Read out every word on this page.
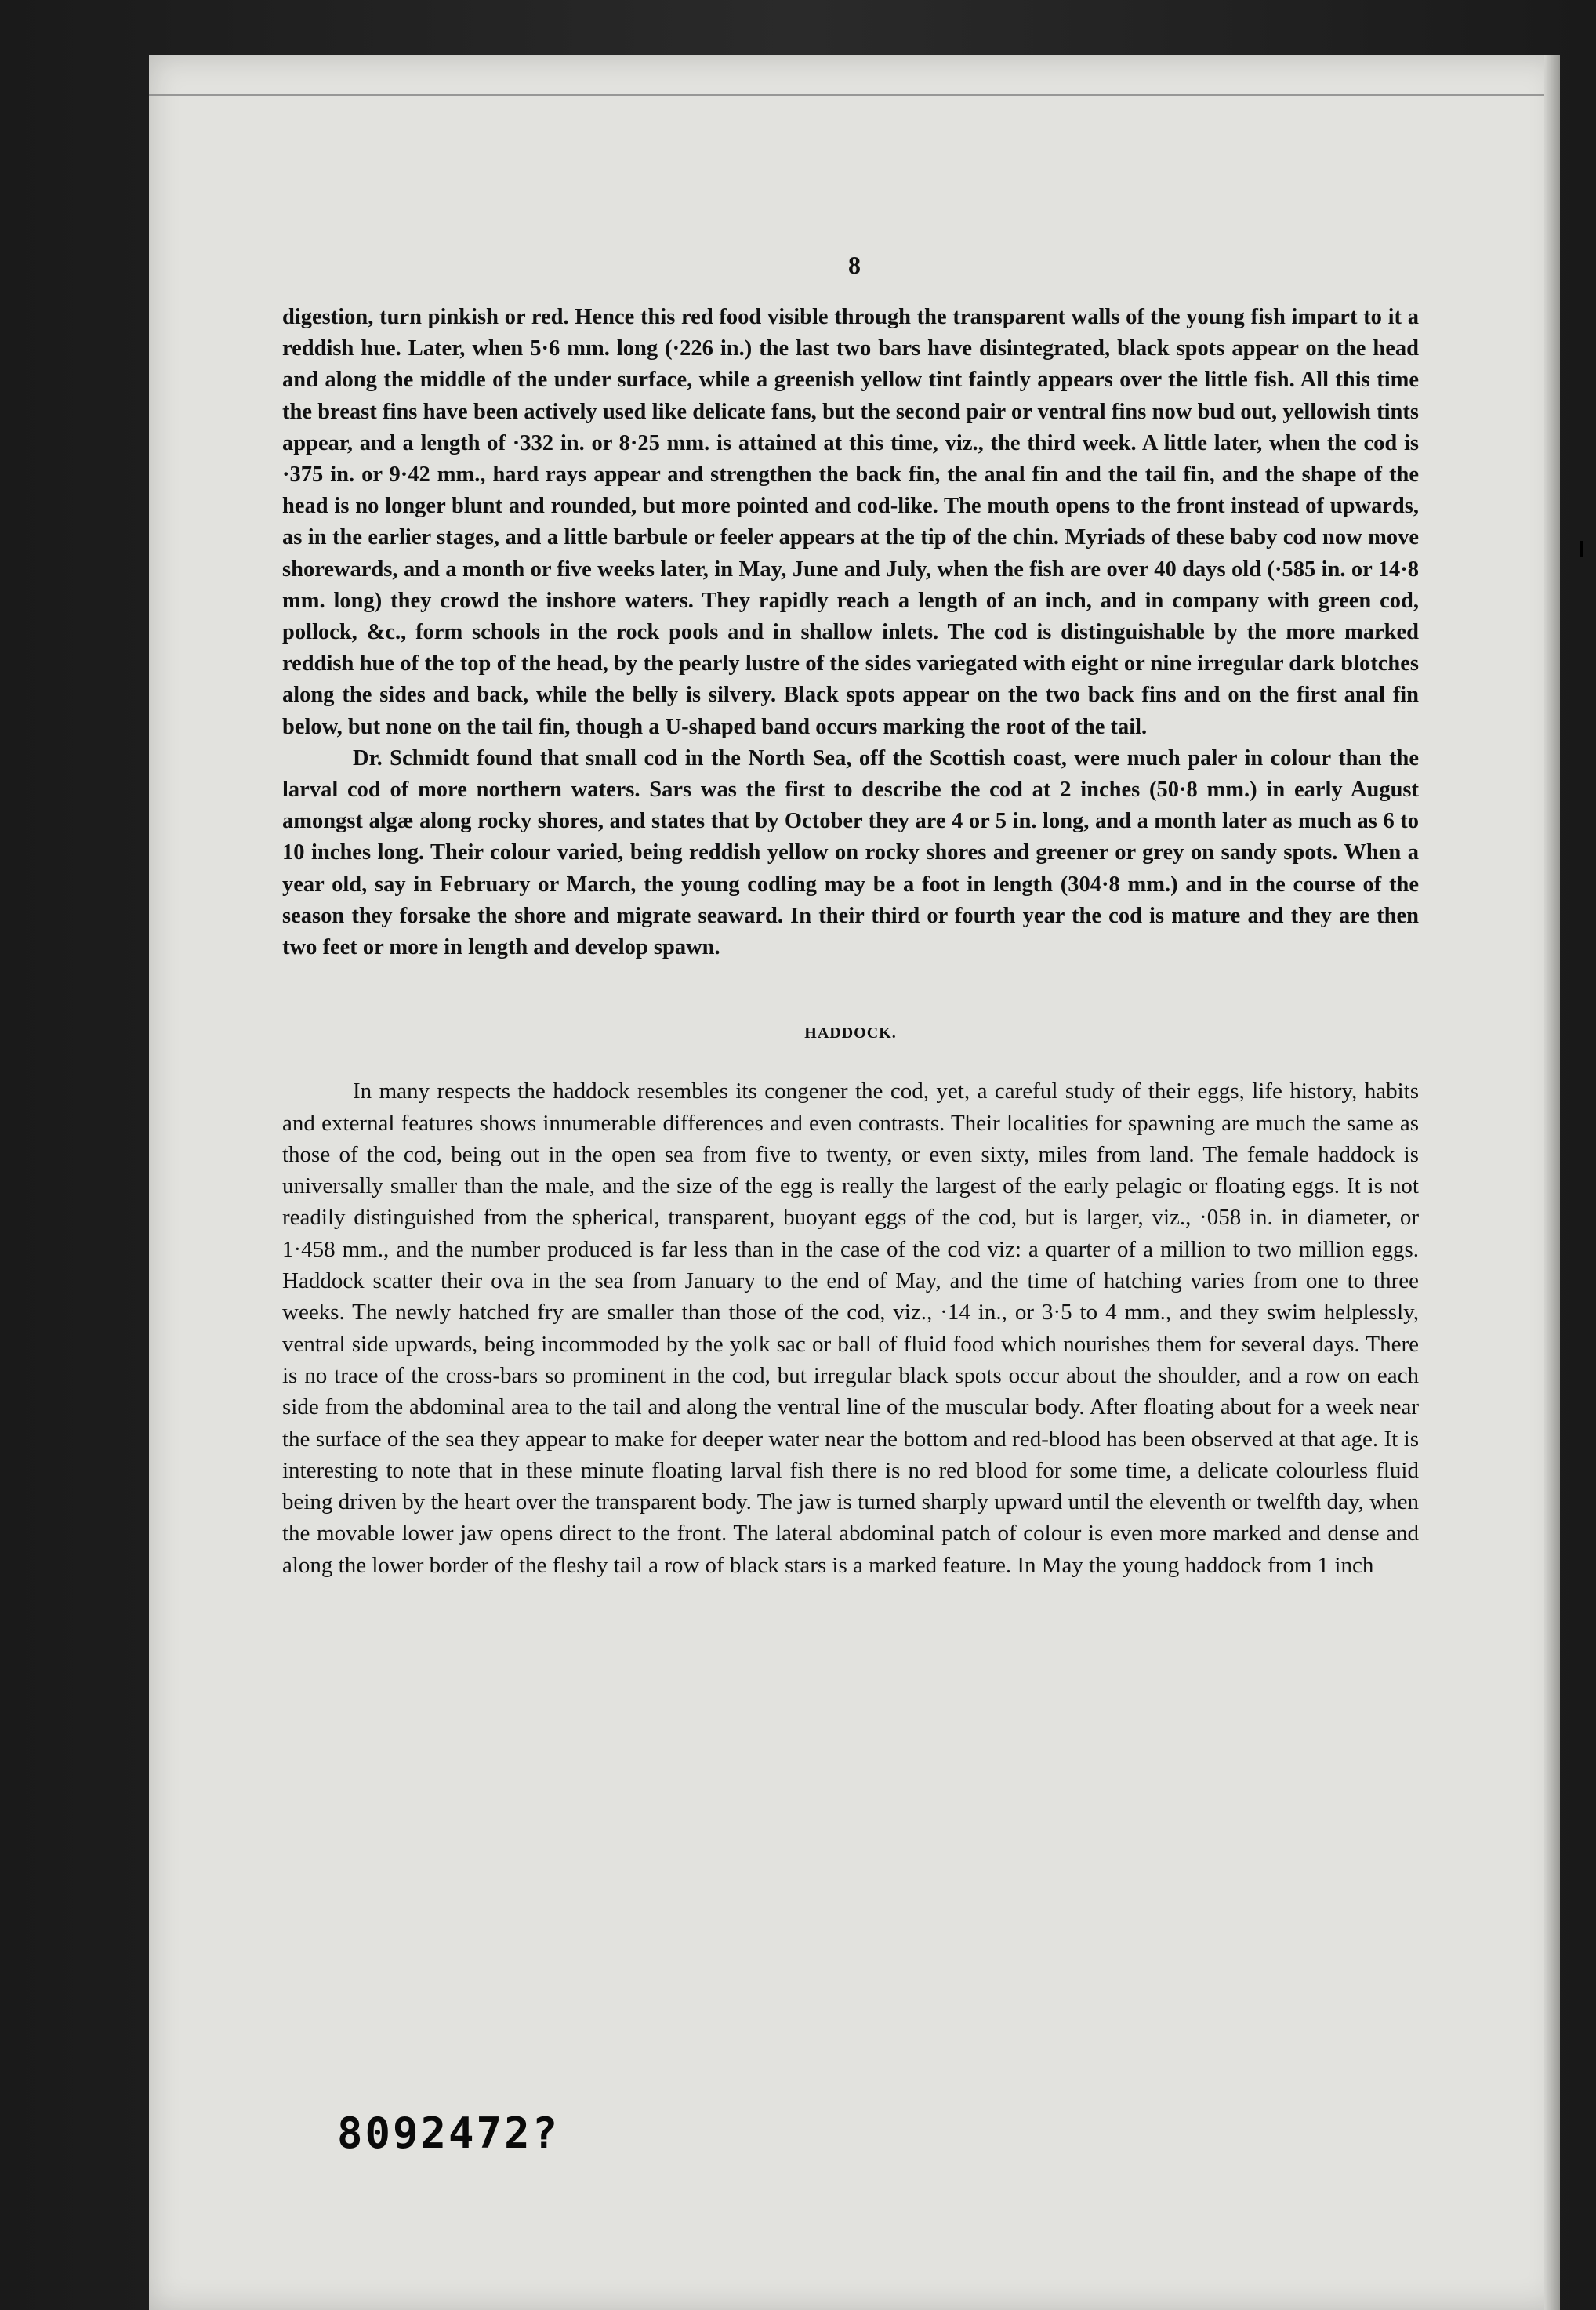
8

digestion, turn pinkish or red. Hence this red food visible through the transparent walls of the young fish impart to it a reddish hue. Later, when 5·6 mm. long (·226 in.) the last two bars have disintegrated, black spots appear on the head and along the middle of the under surface, while a greenish yellow tint faintly appears over the little fish. All this time the breast fins have been actively used like delicate fans, but the second pair or ventral fins now bud out, yellowish tints appear, and a length of ·332 in. or 8·25 mm. is attained at this time, viz., the third week. A little later, when the cod is ·375 in. or 9·42 mm., hard rays appear and strengthen the back fin, the anal fin and the tail fin, and the shape of the head is no longer blunt and rounded, but more pointed and cod-like. The mouth opens to the front instead of upwards, as in the earlier stages, and a little barbule or feeler appears at the tip of the chin. Myriads of these baby cod now move shorewards, and a month or five weeks later, in May, June and July, when the fish are over 40 days old (·585 in. or 14·8 mm. long) they crowd the inshore waters. They rapidly reach a length of an inch, and in company with green cod, pollock, &c., form schools in the rock pools and in shallow inlets. The cod is distinguishable by the more marked reddish hue of the top of the head, by the pearly lustre of the sides variegated with eight or nine irregular dark blotches along the sides and back, while the belly is silvery. Black spots appear on the two back fins and on the first anal fin below, but none on the tail fin, though a U-shaped band occurs marking the root of the tail.

Dr. Schmidt found that small cod in the North Sea, off the Scottish coast, were much paler in colour than the larval cod of more northern waters. Sars was the first to describe the cod at 2 inches (50·8 mm.) in early August amongst algæ along rocky shores, and states that by October they are 4 or 5 in. long, and a month later as much as 6 to 10 inches long. Their colour varied, being reddish yellow on rocky shores and greener or grey on sandy spots. When a year old, say in February or March, the young codling may be a foot in length (304·8 mm.) and in the course of the season they forsake the shore and migrate seaward. In their third or fourth year the cod is mature and they are then two feet or more in length and develop spawn.

HADDOCK.

In many respects the haddock resembles its congener the cod, yet, a careful study of their eggs, life history, habits and external features shows innumerable differences and even contrasts. Their localities for spawning are much the same as those of the cod, being out in the open sea from five to twenty, or even sixty, miles from land. The female haddock is universally smaller than the male, and the size of the egg is really the largest of the early pelagic or floating eggs. It is not readily distinguished from the spherical, transparent, buoyant eggs of the cod, but is larger, viz., ·058 in. in diameter, or 1·458 mm., and the number produced is far less than in the case of the cod viz: a quarter of a million to two million eggs. Haddock scatter their ova in the sea from January to the end of May, and the time of hatching varies from one to three weeks. The newly hatched fry are smaller than those of the cod, viz., ·14 in., or 3·5 to 4 mm., and they swim helplessly, ventral side upwards, being incommoded by the yolk sac or ball of fluid food which nourishes them for several days. There is no trace of the cross-bars so prominent in the cod, but irregular black spots occur about the shoulder, and a row on each side from the abdominal area to the tail and along the ventral line of the muscular body. After floating about for a week near the surface of the sea they appear to make for deeper water near the bottom and red-blood has been observed at that age. It is interesting to note that in these minute floating larval fish there is no red blood for some time, a delicate colourless fluid being driven by the heart over the transparent body. The jaw is turned sharply upward until the eleventh or twelfth day, when the movable lower jaw opens direct to the front. The lateral abdominal patch of colour is even more marked and dense and along the lower border of the fleshy tail a row of black stars is a marked feature. In May the young haddock from 1 inch

8092472?
